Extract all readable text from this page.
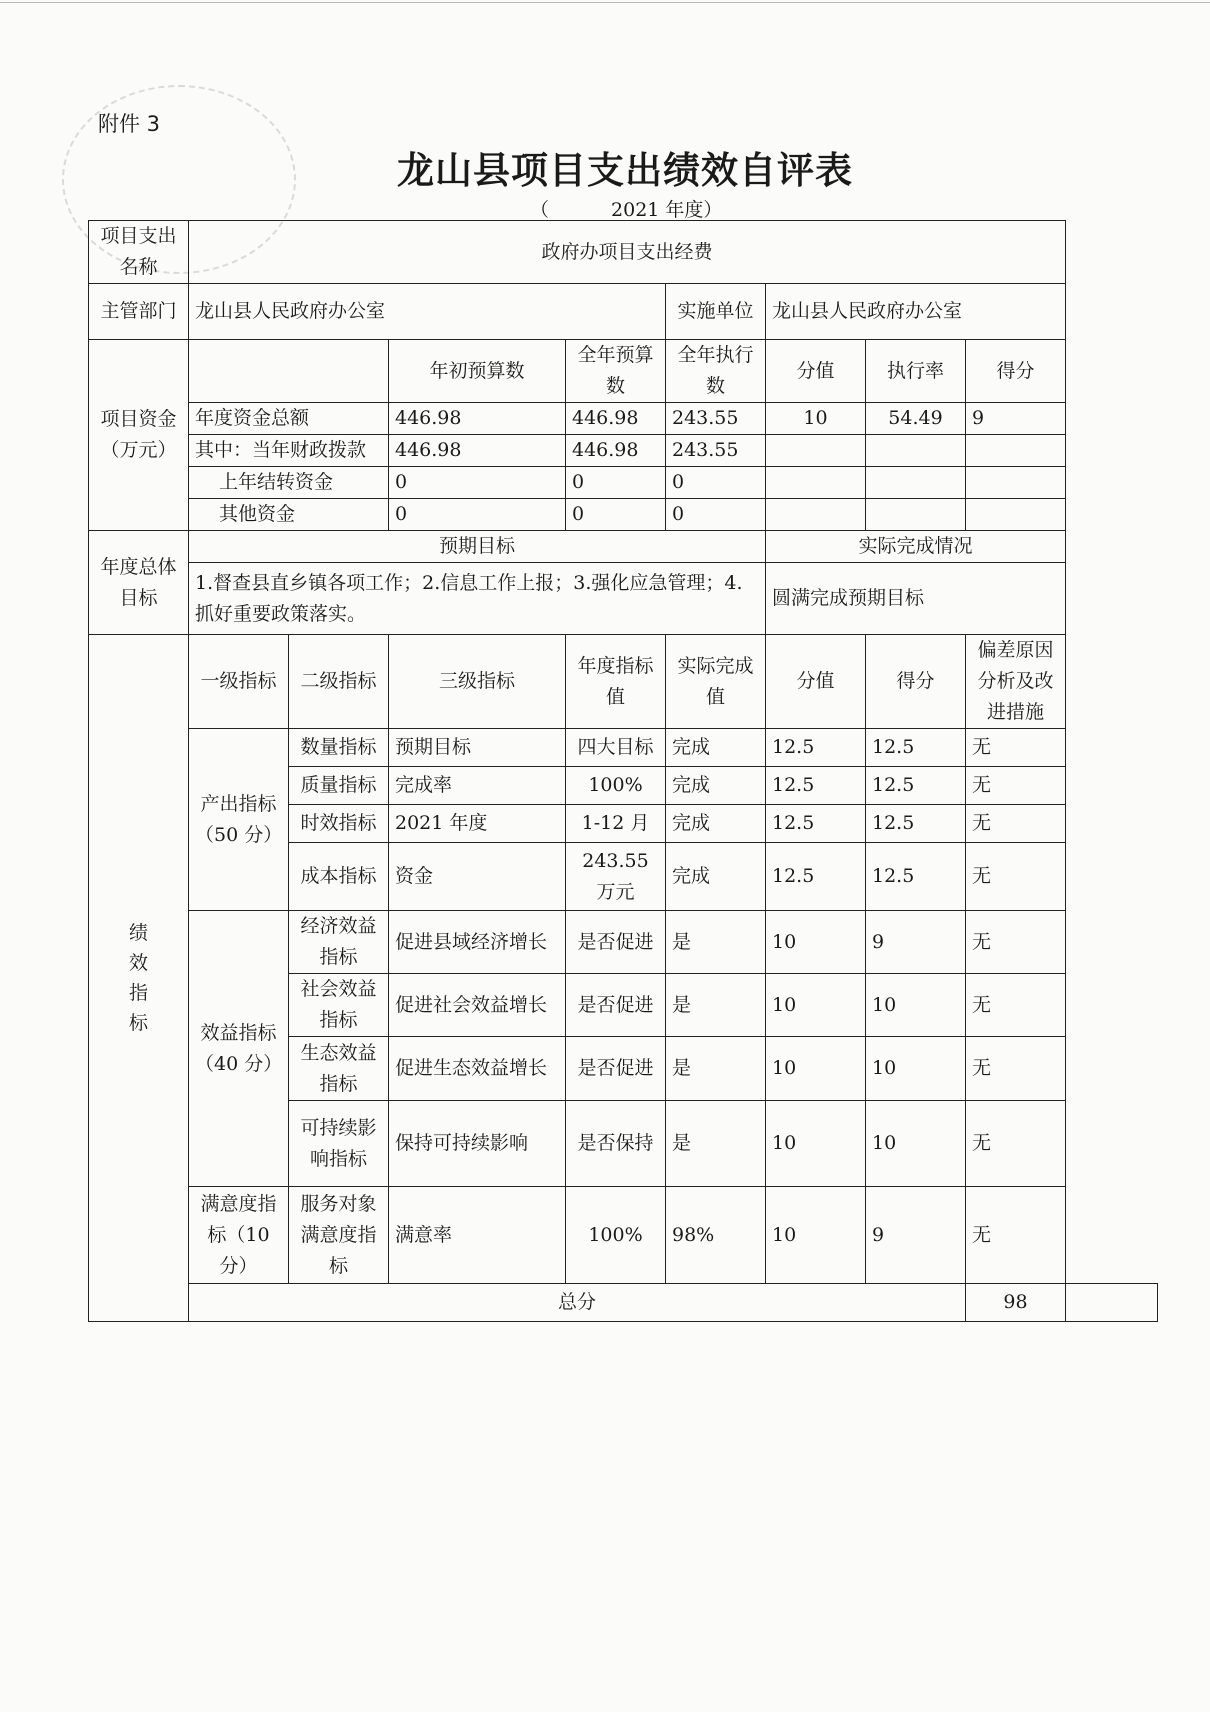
附件 3
龙山县项目支出绩效自评表
（	2021 年度）
项目支出名称	政府办项目支出经费								
主管部门	龙山县人民政府办公室				实施单位	龙山县人民政府办公室			
项目资金（万元）			年初预算数	全年预算数	全年执行数	分值	执行率	得分	
	年度资金总额		446.98	446.98	243.55	10	54.49	9	
	其中：当年财政拨款		446.98	446.98	243.55				
	上年结转资金		0	0	0				
	其他资金		0	0	0				
年度总体目标	预期目标					实际完成情况			
	1.督查县直乡镇各项工作；2.信息工作上报；3.强化应急管理；4.抓好重要政策落实。					圆满完成预期目标			

绩效指标	一级指标	二级指标	三级指标	年度指标值	实际完成值	分值	得分	偏差原因分析及改进措施	
	产出指标（50 分）	数量指标	预期目标	四大目标	完成	12.5	12.5	无	
		质量指标	完成率	100%	完成	12.5	12.5	无	
		时效指标	2021 年度	1-12 月	完成	12.5	12.5	无	
		成本指标	资金	243.55万元	完成	12.5	12.5	无	
	效益指标（40 分）	经济效益指标	促进县域经济增长	是否促进	是	10	9	无	
		社会效益指标	促进社会效益增长	是否促进	是	10	10	无	
		生态效益指标	促进生态效益增长	是否促进	是	10	10	无	
		可持续影响指标	保持可持续影响	是否保持	是	10	10	无	
	满意度指标（10 分）	服务对象满意度指标	满意率	100%	98%	10	9	无	
	总分							98	
